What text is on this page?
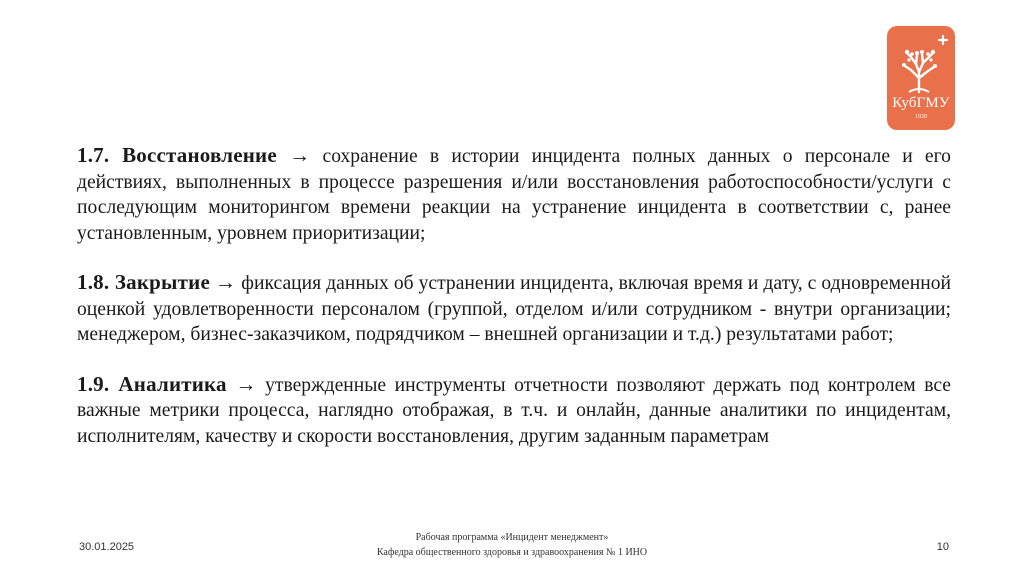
КубГМУ
1920

1.7. Восстановление → сохранение в истории инцидента полных данных о персонале и его действиях, выполненных в процессе разрешения и/или восстановления работоспособности/услуги с последующим мониторингом времени реакции на устранение инцидента в соответствии с, ранее установленным, уровнем приоритизации;

1.8. Закрытие → фиксация данных об устранении инцидента, включая время и дату, с одновременной оценкой удовлетворенности персоналом (группой, отделом и/или сотрудником - внутри организации; менеджером, бизнес-заказчиком, подрядчиком – внешней организации и т.д.) результатами работ;

1.9. Аналитика → утвержденные инструменты отчетности позволяют держать под контролем все важные метрики процесса, наглядно отображая, в т.ч. и онлайн, данные аналитики по инцидентам, исполнителям, качеству и скорости восстановления, другим заданным параметрам

30.01.2025
Рабочая программа «Инцидент менеджмент»
Кафедра общественного здоровья и здравоохранения № 1 ИНО	10
